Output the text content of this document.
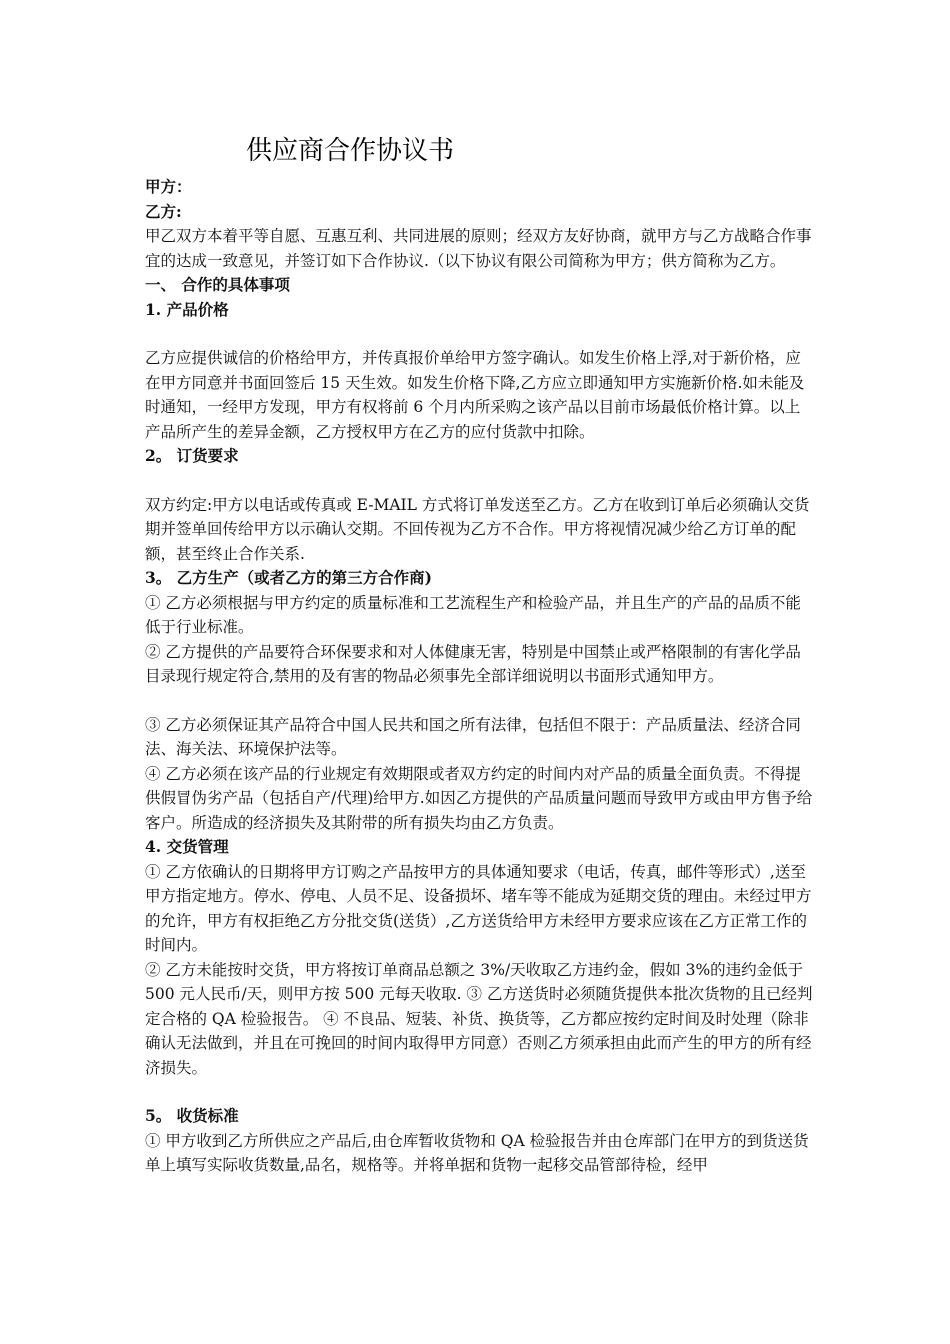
供应商合作协议书

甲方：

乙方:

甲乙双方本着平等自愿、互惠互利、共同进展的原则；经双方友好协商，就甲方与乙方战略合作事宜的达成一致意见，并签订如下合作协议.（以下协议有限公司简称为甲方；供方简称为乙方。

一、 合作的具体事项

1. 产品价格

乙方应提供诚信的价格给甲方，并传真报价单给甲方签字确认。如发生价格上浮,对于新价格，应在甲方同意并书面回签后 15 天生效。如发生价格下降,乙方应立即通知甲方实施新价格.如未能及时通知，一经甲方发现，甲方有权将前 6 个月内所采购之该产品以目前市场最低价格计算。以上产品所产生的差异金额，乙方授权甲方在乙方的应付货款中扣除。

2。 订货要求

双方约定:甲方以电话或传真或 E-MAIL 方式将订单发送至乙方。乙方在收到订单后必须确认交货期并签单回传给甲方以示确认交期。不回传视为乙方不合作。甲方将视情况减少给乙方订单的配额，甚至终止合作关系.

3。 乙方生产（或者乙方的第三方合作商)

① 乙方必须根据与甲方约定的质量标准和工艺流程生产和检验产品，并且生产的产品的品质不能低于行业标准。

② 乙方提供的产品要符合环保要求和对人体健康无害，特别是中国禁止或严格限制的有害化学品目录现行规定符合,禁用的及有害的物品必须事先全部详细说明以书面形式通知甲方。

③ 乙方必须保证其产品符合中国人民共和国之所有法律，包括但不限于：产品质量法、经济合同法、海关法、环境保护法等。

④ 乙方必须在该产品的行业规定有效期限或者双方约定的时间内对产品的质量全面负责。不得提供假冒伪劣产品（包括自产/代理)给甲方.如因乙方提供的产品质量问题而导致甲方或由甲方售予给客户。所造成的经济损失及其附带的所有损失均由乙方负责。

4. 交货管理

① 乙方依确认的日期将甲方订购之产品按甲方的具体通知要求（电话，传真，邮件等形式）,送至甲方指定地方。停水、停电、人员不足、设备损坏、堵车等不能成为延期交货的理由。未经过甲方的允许，甲方有权拒绝乙方分批交货(送货）,乙方送货给甲方未经甲方要求应该在乙方正常工作的时间内。

② 乙方未能按时交货，甲方将按订单商品总额之 3%/天收取乙方违约金，假如 3%的违约金低于 500 元人民币/天，则甲方按 500 元每天收取. ③ 乙方送货时必须随货提供本批次货物的且已经判定合格的 QA 检验报告。 ④ 不良品、短装、补货、换货等，乙方都应按约定时间及时处理（除非确认无法做到，并且在可挽回的时间内取得甲方同意）否则乙方须承担由此而产生的甲方的所有经济损失。

5。 收货标准

① 甲方收到乙方所供应之产品后,由仓库暂收货物和 QA 检验报告并由仓库部门在甲方的到货送货单上填写实际收货数量,品名，规格等。并将单据和货物一起移交品管部待检，经甲
